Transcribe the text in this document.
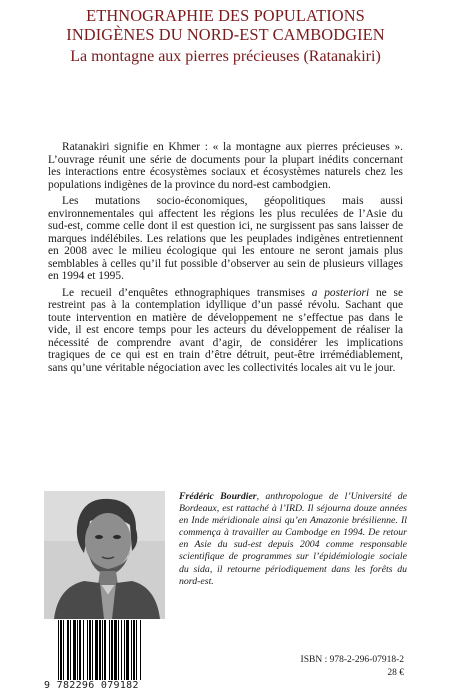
ETHNOGRAPHIE DES POPULATIONS
INDIGÈNES DU NORD-EST CAMBODGIEN
La montagne aux pierres précieuses (Ratanakiri)

Ratanakiri signifie en Khmer : « la montagne aux pierres précieuses ». L’ouvrage réunit une série de documents pour la plupart inédits concernant les interactions entre écosystèmes sociaux et écosystèmes naturels chez les populations indigènes de la province du nord-est cambodgien.

Les mutations socio-économiques, géopolitiques mais aussi environnementales qui affectent les régions les plus reculées de l’Asie du sud-est, comme celle dont il est question ici, ne surgissent pas sans laisser de marques indélébiles. Les relations que les peuplades indigènes entretiennent en 2008 avec le milieu écologique qui les entoure ne seront jamais plus semblables à celles qu’il fut possible d’observer au sein de plusieurs villages en 1994 et 1995.

Le recueil d’enquêtes ethnographiques transmises a posteriori ne se restreint pas à la contemplation idyllique d’un passé révolu. Sachant que toute intervention en matière de développement ne s’effectue pas dans le vide, il est encore temps pour les acteurs du développement de réaliser la nécessité de comprendre avant d’agir, de considérer les implications tragiques de ce qui est en train d’être détruit, peut-être irrémédiablement, sans qu’une véritable négociation avec les collectivités locales ait vu le jour.

Frédéric Bourdier, anthropologue de l’Université de Bordeaux, est rattaché à l’IRD. Il séjourna douze années en Inde méridionale ainsi qu’en Amazonie brésilienne. Il commença à travailler au Cambodge en 1994. De retour en Asie du sud-est depuis 2004 comme responsable scientifique de programmes sur l’épidémiologie sociale du sida, il retourne périodiquement dans les forêts du nord-est.
9 782296 079182
ISBN : 978-2-296-07918-2
28 €
